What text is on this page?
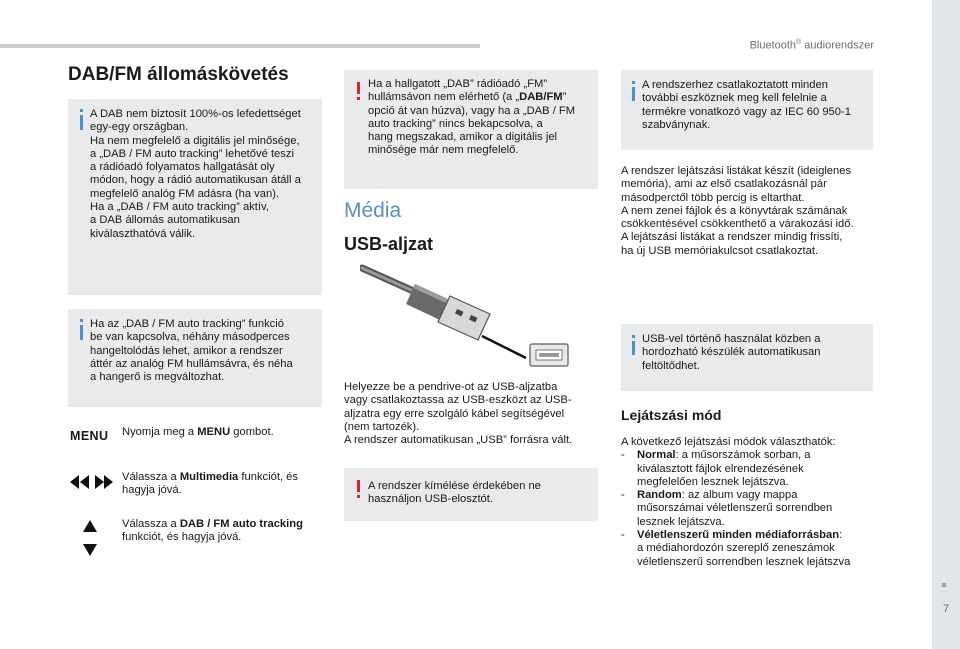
Bluetooth® audiorendszer
7
DAB/FM állomáskövetés
A DAB nem biztosít 100%-os lefedettséget
egy-egy országban.
Ha nem megfelelő a digitális jel minősége,
a „DAB / FM auto tracking” lehetővé teszi
a rádióadó folyamatos hallgatását oly
módon, hogy a rádió automatikusan átáll a
megfelelő analóg FM adásra (ha van).
Ha a „DAB / FM auto tracking” aktív,
a DAB állomás automatikusan
kiválaszthatóvá válik.
Ha az „DAB / FM auto tracking” funkció
be van kapcsolva, néhány másodperces
hangeltolódás lehet, amikor a rendszer
áttér az analóg FM hullámsávra, és néha
a hangerő is megváltozhat.
MENU Nyomja meg a MENU gombot.
Válassza a Multimedia funkciót, és
hagyja jóvá.
Válassza a DAB / FM auto tracking
funkciót, és hagyja jóvá.
Ha a hallgatott „DAB” rádióadó „FM”
hullámsávon nem elérhető (a „DAB/FM”
opció át van húzva), vagy ha a „DAB / FM
auto tracking” nincs bekapcsolva, a
hang megszakad, amikor a digitális jel
minősége már nem megfelelő.
Média
USB-aljzat
Helyezze be a pendrive-ot az USB-aljzatba
vagy csatlakoztassa az USB-eszközt az USB-
aljzatra egy erre szolgáló kábel segítségével
(nem tartozék).
A rendszer automatikusan „USB” forrásra vált.
A rendszer kímélése érdekében ne
használjon USB-elosztót.
A rendszerhez csatlakoztatott minden
további eszköznek meg kell felelnie a
termékre vonatkozó vagy az IEC 60 950-1
szabványnak.
A rendszer lejátszási listákat készít (ideiglenes
memória), ami az első csatlakozásnál pár
másodperctől több percig is eltarthat.
A nem zenei fájlok és a könyvtárak számának
csökkentésével csökkenthető a várakozási idő.
A lejátszási listákat a rendszer mindig frissíti,
ha új USB memóriakulcsot csatlakoztat.
USB-vel történő használat közben a
hordozható készülék automatikusan
feltöltődhet.
Lejátszási mód
A következő lejátszási módok választhatók:
-	Normal: a műsorszámok sorban, a
kiválasztott fájlok elrendezésének
megfelelően lesznek lejátszva.
-	Random: az album vagy mappa
műsorszámai véletlenszerű sorrendben
lesznek lejátszva.
-	Véletlenszerű minden médiaforrásban:
a médiahordozón szereplő zeneszámok
véletlenszerű sorrendben lesznek lejátszva
